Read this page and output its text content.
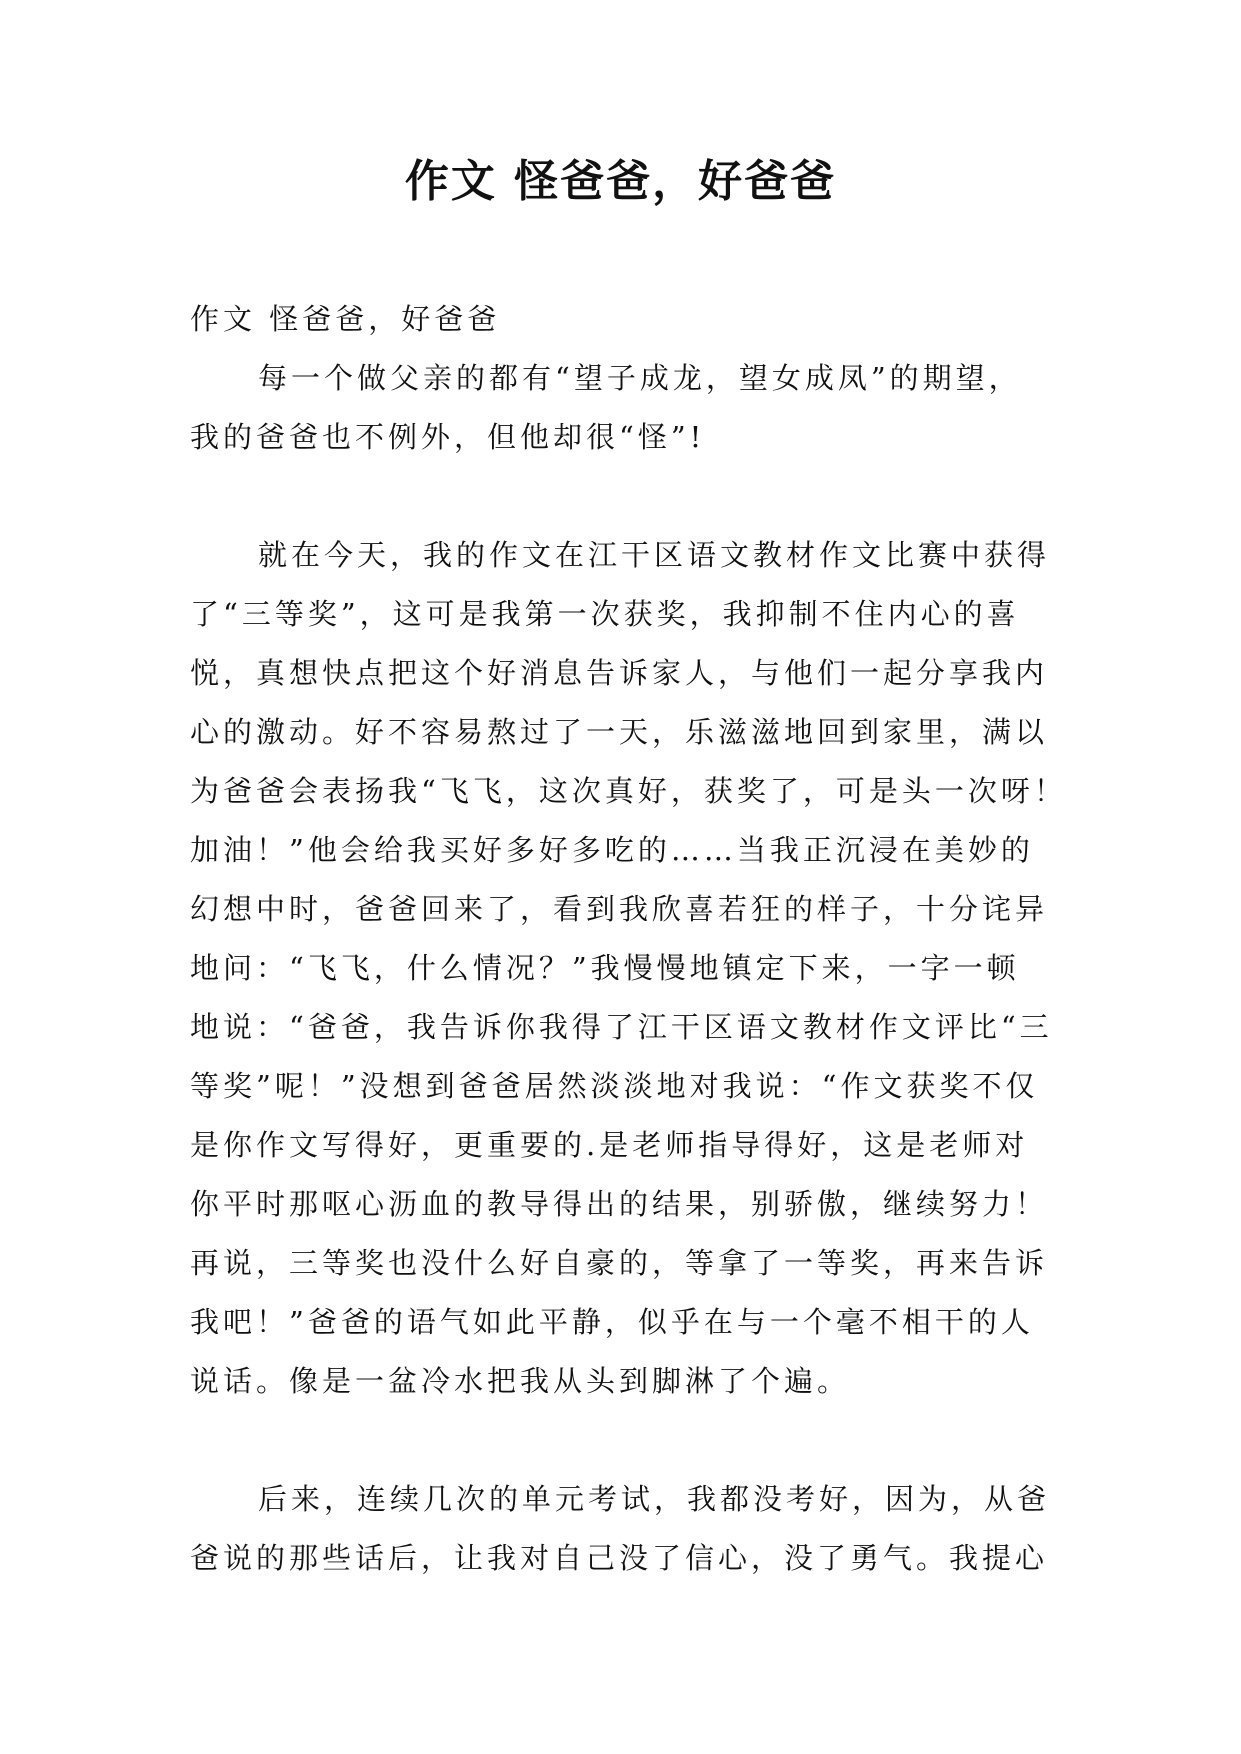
作文 怪爸爸，好爸爸
作文 怪爸爸，好爸爸
每一个做父亲的都有“望子成龙，望女成凤”的期望，
我的爸爸也不例外，但他却很“怪”!
就在今天，我的作文在江干区语文教材作文比赛中获得
了“三等奖”，这可是我第一次获奖，我抑制不住内心的喜
悦，真想快点把这个好消息告诉家人，与他们一起分享我内
心的激动。好不容易熬过了一天，乐滋滋地回到家里，满以
为爸爸会表扬我“飞飞，这次真好，获奖了，可是头一次呀！
加油！”他会给我买好多好多吃的……当我正沉浸在美妙的
幻想中时，爸爸回来了，看到我欣喜若狂的样子，十分诧异
地问：“飞飞，什么情况？”我慢慢地镇定下来，一字一顿
地说：“爸爸，我告诉你我得了江干区语文教材作文评比“三
等奖”呢！”没想到爸爸居然淡淡地对我说：“作文获奖不仅
是你作文写得好，更重要的.是老师指导得好，这是老师对
你平时那呕心沥血的教导得出的结果，别骄傲，继续努力！
再说，三等奖也没什么好自豪的，等拿了一等奖，再来告诉
我吧！”爸爸的语气如此平静，似乎在与一个毫不相干的人
说话。像是一盆冷水把我从头到脚淋了个遍。
后来，连续几次的单元考试，我都没考好，因为，从爸
爸说的那些话后，让我对自己没了信心，没了勇气。我提心
